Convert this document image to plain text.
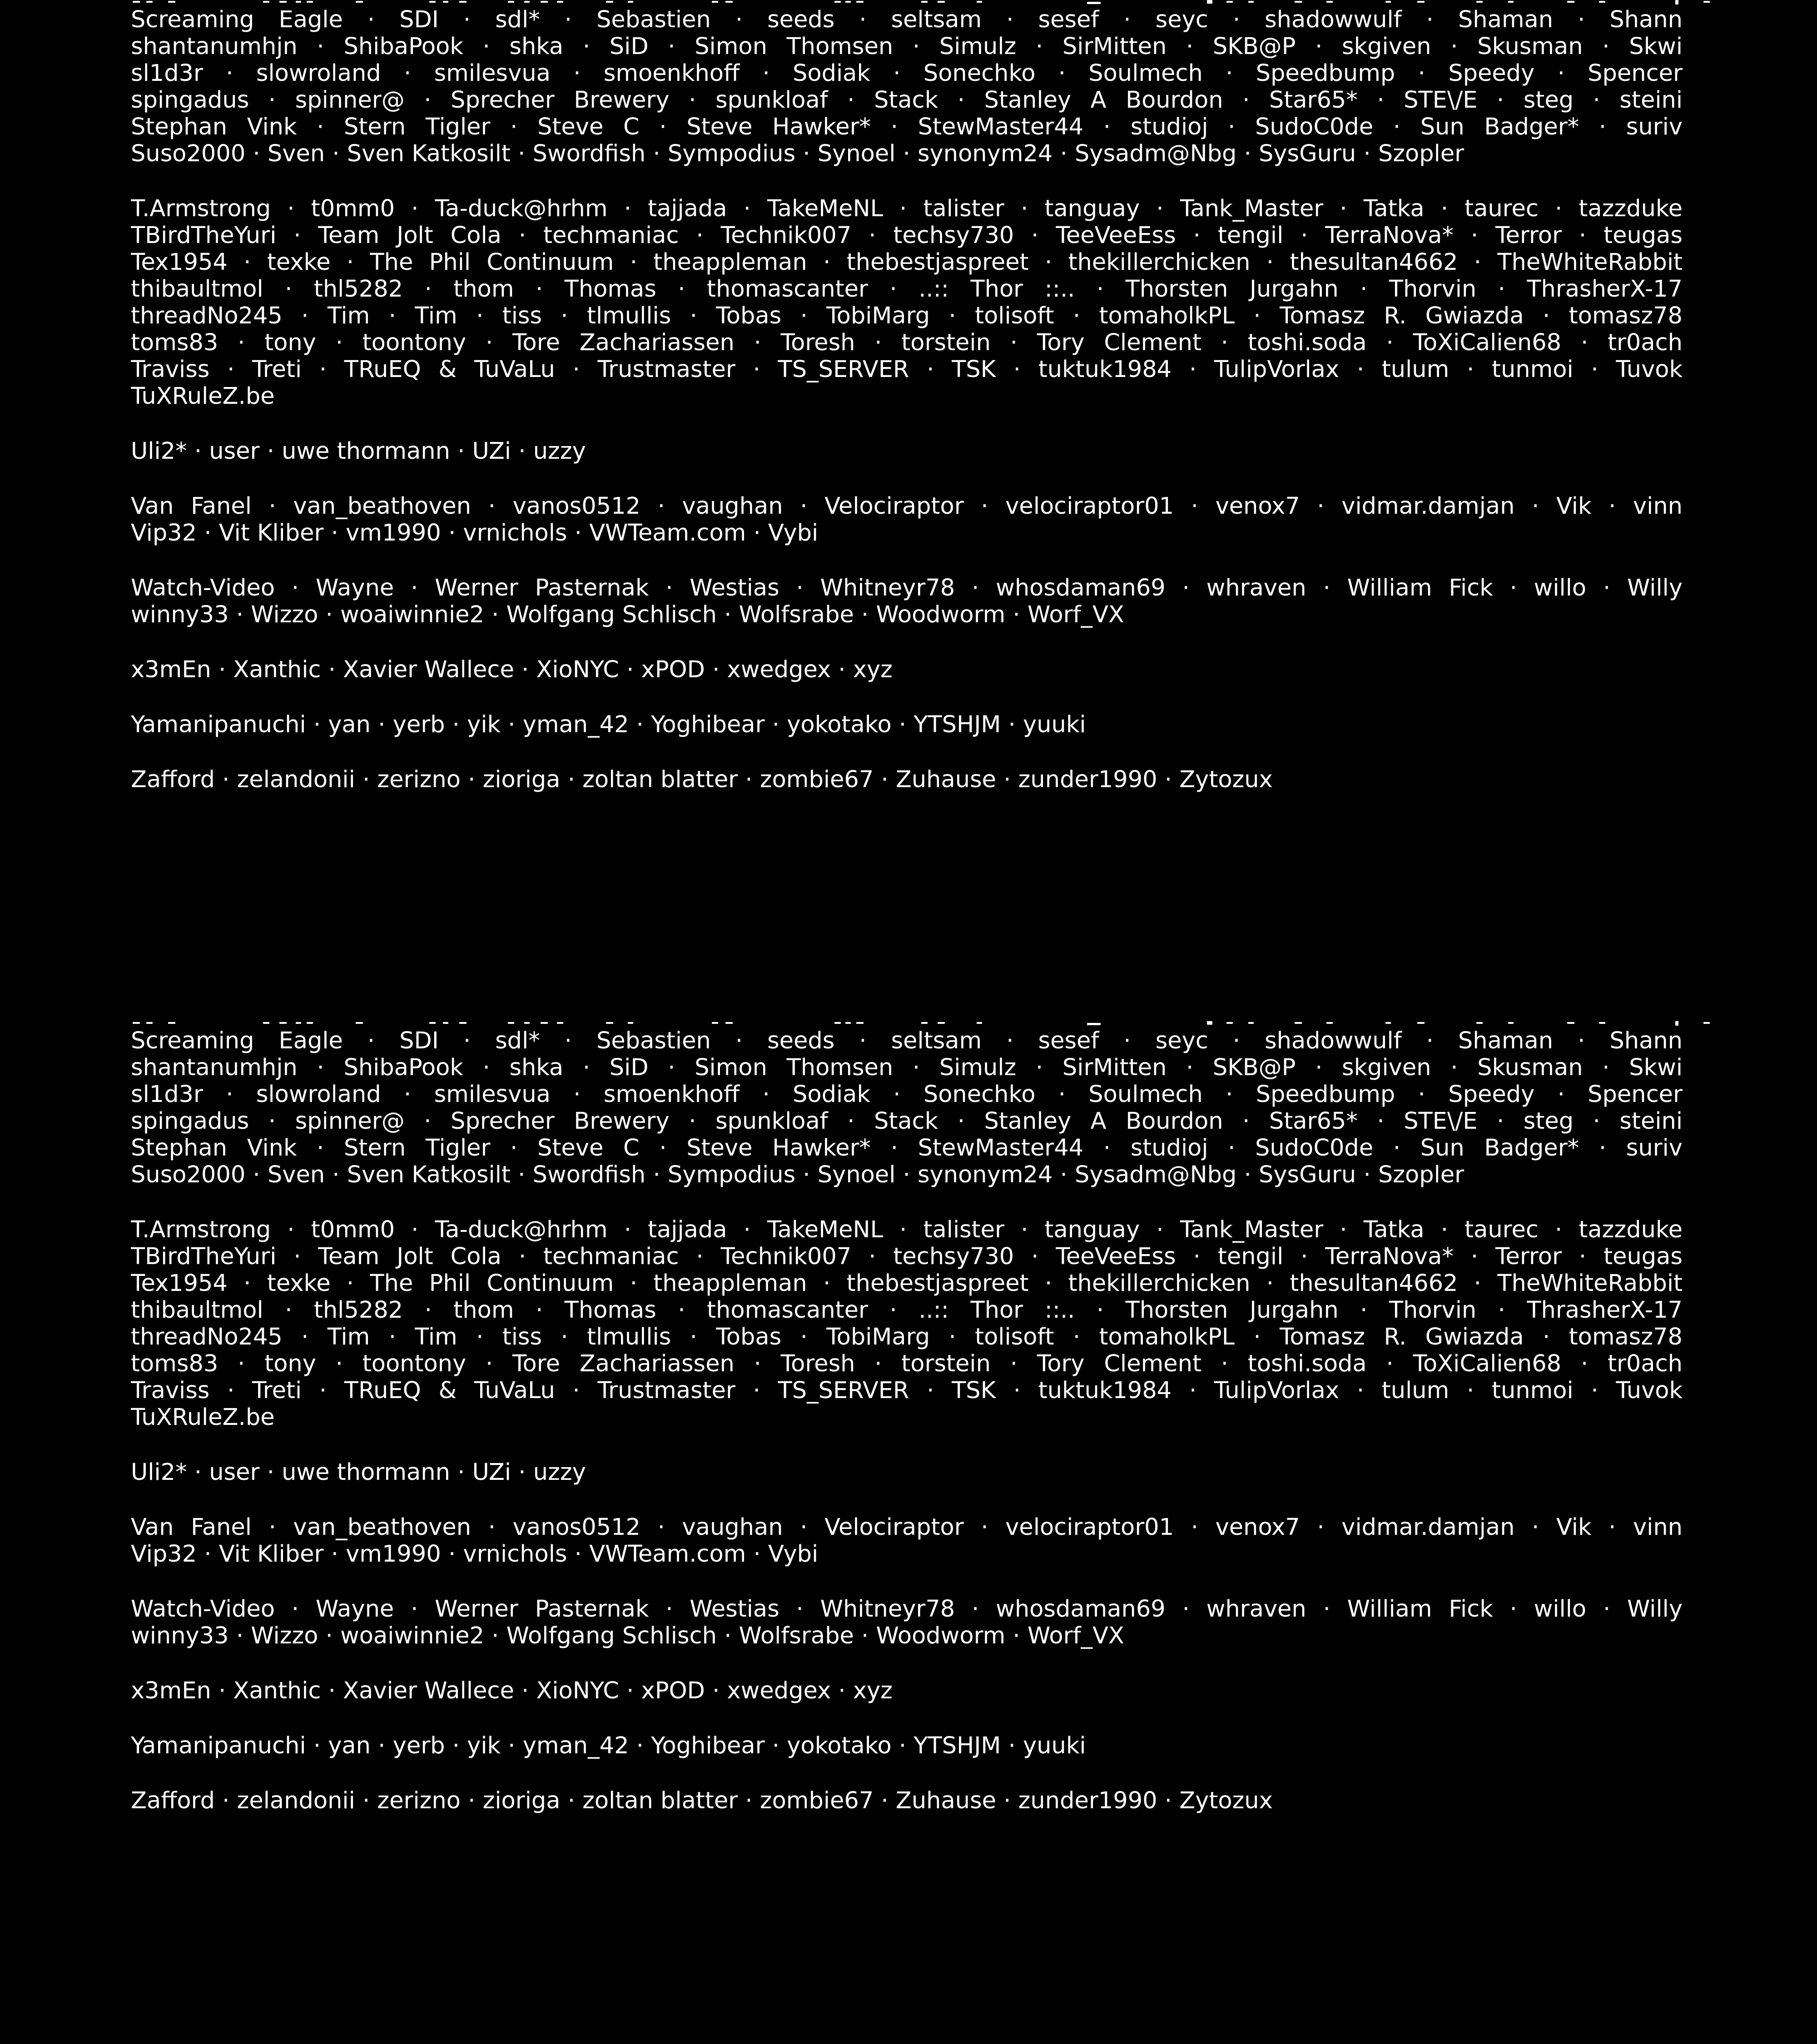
Screaming Eagle · SDI · sdl* · Sebastien · seeds · seltsam · sesef · seyc · shadowwulf · Shaman · Shann
shantanumhjn · ShibaPook · shka · SiD · Simon Thomsen · Simulz · SirMitten · SKB@P · skgiven · Skusman · Skwi
sl1d3r · slowroland · smilesvua · smoenkhoff · Sodiak · Sonechko · Soulmech · Speedbump · Speedy · Spencer
spingadus · spinner@ · Sprecher Brewery · spunkloaf · Stack · Stanley A Bourdon · Star65* · STE\/E · steg · steini
Stephan Vink · Stern Tigler · Steve C · Steve Hawker* · StewMaster44 · studioj · SudoC0de · Sun Badger* · suriv
Suso2000 · Sven · Sven Katkosilt · Swordfish · Sympodius · Synoel · synonym24 · Sysadm@Nbg · SysGuru · Szopler
T.Armstrong · t0mm0 · Ta-duck@hrhm · tajjada · TakeMeNL · talister · tanguay · Tank_Master · Tatka · taurec · tazzduke
TBirdTheYuri · Team Jolt Cola · techmaniac · Technik007 · techsy730 · TeeVeeEss · tengil · TerraNova* · Terror · teugas
Tex1954 · texke · The Phil Continuum · theappleman · thebestjaspreet · thekillerchicken · thesultan4662 · TheWhiteRabbit
thibaultmol · thl5282 · thom · Thomas · thomascanter · ..:: Thor ::.. · Thorsten Jurgahn · Thorvin · ThrasherX-17
threadNo245 · Tim · Tim · tiss · tlmullis · Tobas · TobiMarg · tolisoft · tomaholkPL · Tomasz R. Gwiazda · tomasz78
toms83 · tony · toontony · Tore Zachariassen · Toresh · torstein · Tory Clement · toshi.soda · ToXiCalien68 · tr0ach
Traviss · Treti · TRuEQ & TuVaLu · Trustmaster · TS_SERVER · TSK · tuktuk1984 · TulipVorlax · tulum · tunmoi · Tuvok
TuXRuleZ.be
Uli2* · user · uwe thormann · UZi · uzzy
Van Fanel · van_beathoven · vanos0512 · vaughan · Velociraptor · velociraptor01 · venox7 · vidmar.damjan · Vik · vinn
Vip32 · Vit Kliber · vm1990 · vrnichols · VWTeam.com · Vybi
Watch-Video · Wayne · Werner Pasternak · Westias · Whitneyr78 · whosdaman69 · whraven · William Fick · willo · Willy
winny33 · Wizzo · woaiwinnie2 · Wolfgang Schlisch · Wolfsrabe · Woodworm · Worf_VX
x3mEn · Xanthic · Xavier Wallece · XioNYC · xPOD · xwedgex · xyz
Yamanipanuchi · yan · yerb · yik · yman_42 · Yoghibear · yokotako · YTSHJM · yuuki
Zafford · zelandonii · zerizno · zioriga · zoltan blatter · zombie67 · Zuhause · zunder1990 · Zytozux
Screaming Eagle · SDI · sdl* · Sebastien · seeds · seltsam · sesef · seyc · shadowwulf · Shaman · Shann
shantanumhjn · ShibaPook · shka · SiD · Simon Thomsen · Simulz · SirMitten · SKB@P · skgiven · Skusman · Skwi
sl1d3r · slowroland · smilesvua · smoenkhoff · Sodiak · Sonechko · Soulmech · Speedbump · Speedy · Spencer
spingadus · spinner@ · Sprecher Brewery · spunkloaf · Stack · Stanley A Bourdon · Star65* · STE\/E · steg · steini
Stephan Vink · Stern Tigler · Steve C · Steve Hawker* · StewMaster44 · studioj · SudoC0de · Sun Badger* · suriv
Suso2000 · Sven · Sven Katkosilt · Swordfish · Sympodius · Synoel · synonym24 · Sysadm@Nbg · SysGuru · Szopler
T.Armstrong · t0mm0 · Ta-duck@hrhm · tajjada · TakeMeNL · talister · tanguay · Tank_Master · Tatka · taurec · tazzduke
TBirdTheYuri · Team Jolt Cola · techmaniac · Technik007 · techsy730 · TeeVeeEss · tengil · TerraNova* · Terror · teugas
Tex1954 · texke · The Phil Continuum · theappleman · thebestjaspreet · thekillerchicken · thesultan4662 · TheWhiteRabbit
thibaultmol · thl5282 · thom · Thomas · thomascanter · ..:: Thor ::.. · Thorsten Jurgahn · Thorvin · ThrasherX-17
threadNo245 · Tim · Tim · tiss · tlmullis · Tobas · TobiMarg · tolisoft · tomaholkPL · Tomasz R. Gwiazda · tomasz78
toms83 · tony · toontony · Tore Zachariassen · Toresh · torstein · Tory Clement · toshi.soda · ToXiCalien68 · tr0ach
Traviss · Treti · TRuEQ & TuVaLu · Trustmaster · TS_SERVER · TSK · tuktuk1984 · TulipVorlax · tulum · tunmoi · Tuvok
TuXRuleZ.be
Uli2* · user · uwe thormann · UZi · uzzy
Van Fanel · van_beathoven · vanos0512 · vaughan · Velociraptor · velociraptor01 · venox7 · vidmar.damjan · Vik · vinn
Vip32 · Vit Kliber · vm1990 · vrnichols · VWTeam.com · Vybi
Watch-Video · Wayne · Werner Pasternak · Westias · Whitneyr78 · whosdaman69 · whraven · William Fick · willo · Willy
winny33 · Wizzo · woaiwinnie2 · Wolfgang Schlisch · Wolfsrabe · Woodworm · Worf_VX
x3mEn · Xanthic · Xavier Wallece · XioNYC · xPOD · xwedgex · xyz
Yamanipanuchi · yan · yerb · yik · yman_42 · Yoghibear · yokotako · YTSHJM · yuuki
Zafford · zelandonii · zerizno · zioriga · zoltan blatter · zombie67 · Zuhause · zunder1990 · Zytozux
